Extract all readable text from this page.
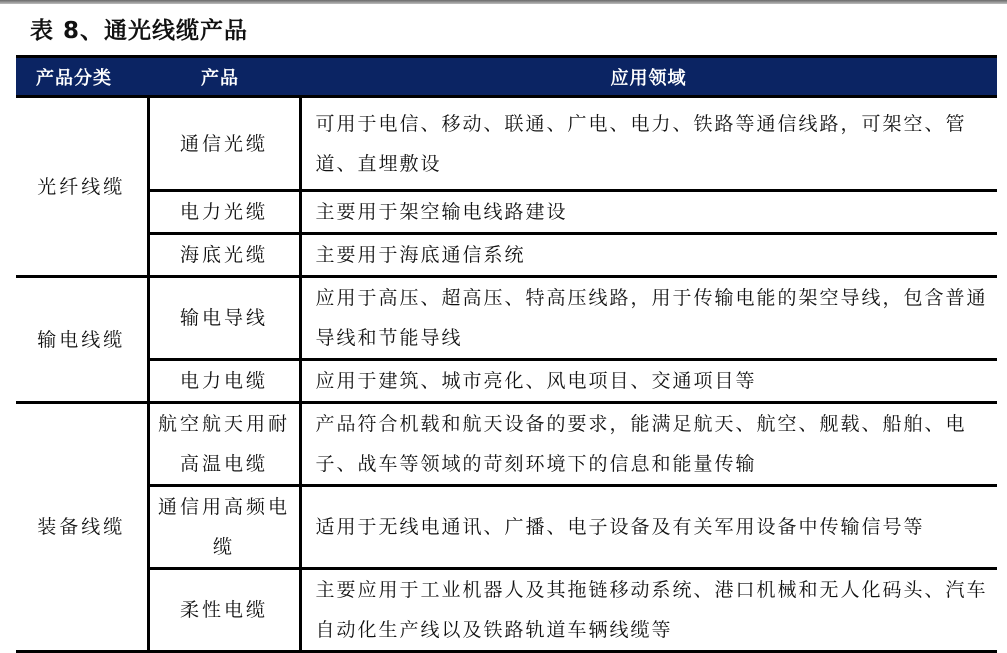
表 8、通光线缆产品
产品分类	产品	应用领域
光纤线缆	通信光缆	可用于电信、移动、联通、广电、电力、铁路等通信线路，可架空、管道、直埋敷设
	电力光缆	主要用于架空输电线路建设
	海底光缆	主要用于海底通信系统
输电线缆	输电导线	应用于高压、超高压、特高压线路，用于传输电能的架空导线，包含普通导线和节能导线
	电力电缆	应用于建筑、城市亮化、风电项目、交通项目等
装备线缆	航空航天用耐高温电缆	产品符合机载和航天设备的要求，能满足航天、航空、舰载、船舶、电子、战车等领域的苛刻环境下的信息和能量传输
	通信用高频电缆	适用于无线电通讯、广播、电子设备及有关军用设备中传输信号等
	柔性电缆	主要应用于工业机器人及其拖链移动系统、港口机械和无人化码头、汽车自动化生产线以及铁路轨道车辆线缆等
